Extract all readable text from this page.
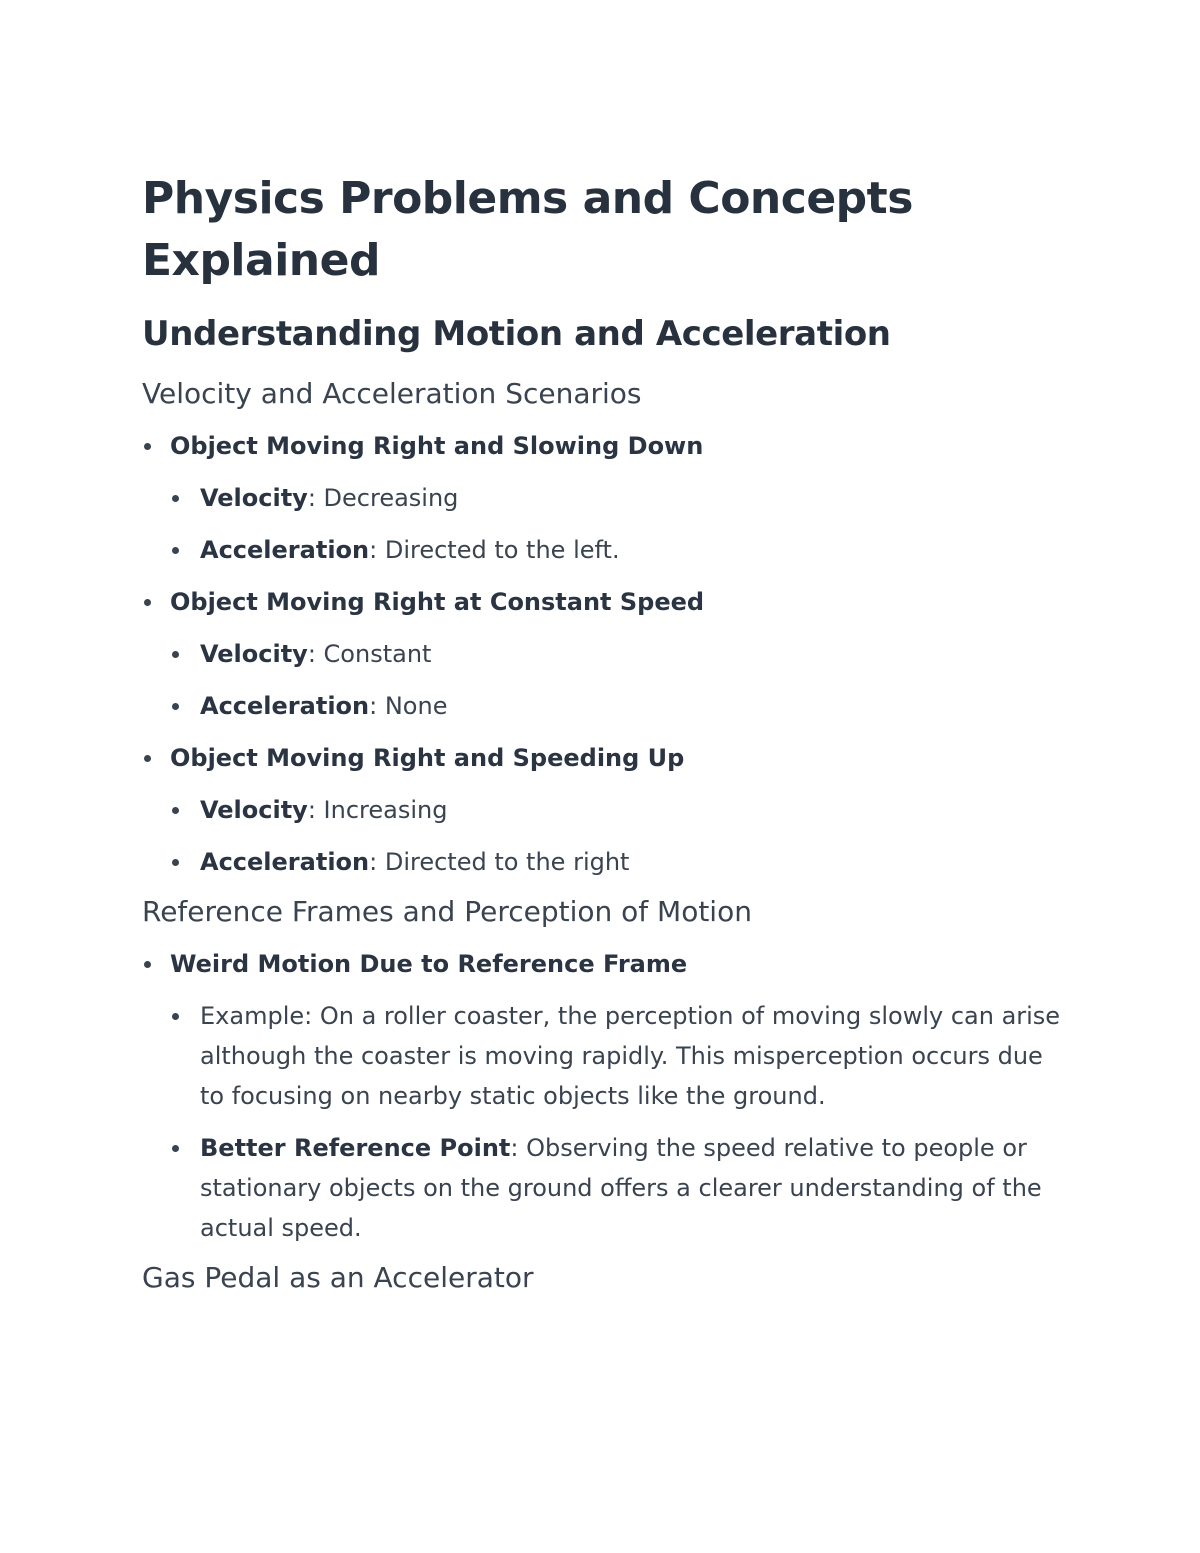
Physics Problems and Concepts Explained
Understanding Motion and Acceleration
Velocity and Acceleration Scenarios
Object Moving Right and Slowing Down
Velocity: Decreasing
Acceleration: Directed to the left.
Object Moving Right at Constant Speed
Velocity: Constant
Acceleration: None
Object Moving Right and Speeding Up
Velocity: Increasing
Acceleration: Directed to the right
Reference Frames and Perception of Motion
Weird Motion Due to Reference Frame
Example: On a roller coaster, the perception of moving slowly can arise although the coaster is moving rapidly. This misperception occurs due to focusing on nearby static objects like the ground.
Better Reference Point: Observing the speed relative to people or stationary objects on the ground offers a clearer understanding of the actual speed.
Gas Pedal as an Accelerator
